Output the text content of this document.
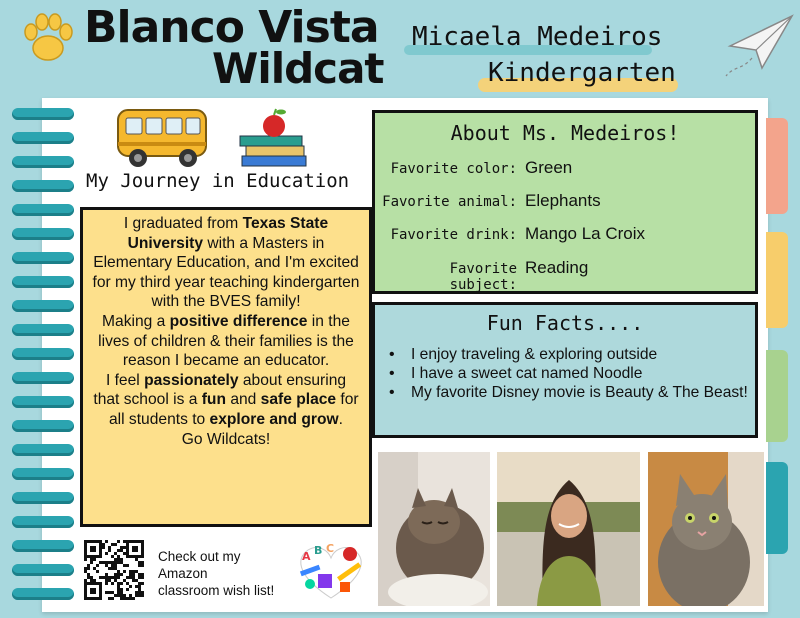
Blanco Vista
Wildcat
Micaela Medeiros
Kindergarten
My Journey in Education
I graduated from Texas State University with a Masters in Elementary Education, and I'm excited for my third year teaching kindergarten with the BVES family!
Making a positive difference in the lives of children & their families is the reason I became an educator.
I feel passionately about ensuring that school is a fun and safe place for all students to explore and grow.
Go Wildcats!
Check out my
Amazon
classroom wish list!
A B C
About Ms. Medeiros!
Favorite color: Green
Favorite animal: Elephants
Favorite drink: Mango La Croix
Favorite subject:
Reading
Fun Facts....
• I enjoy traveling & exploring outside
• I have a sweet cat named Noodle
• My favorite Disney movie is Beauty & The Beast!
